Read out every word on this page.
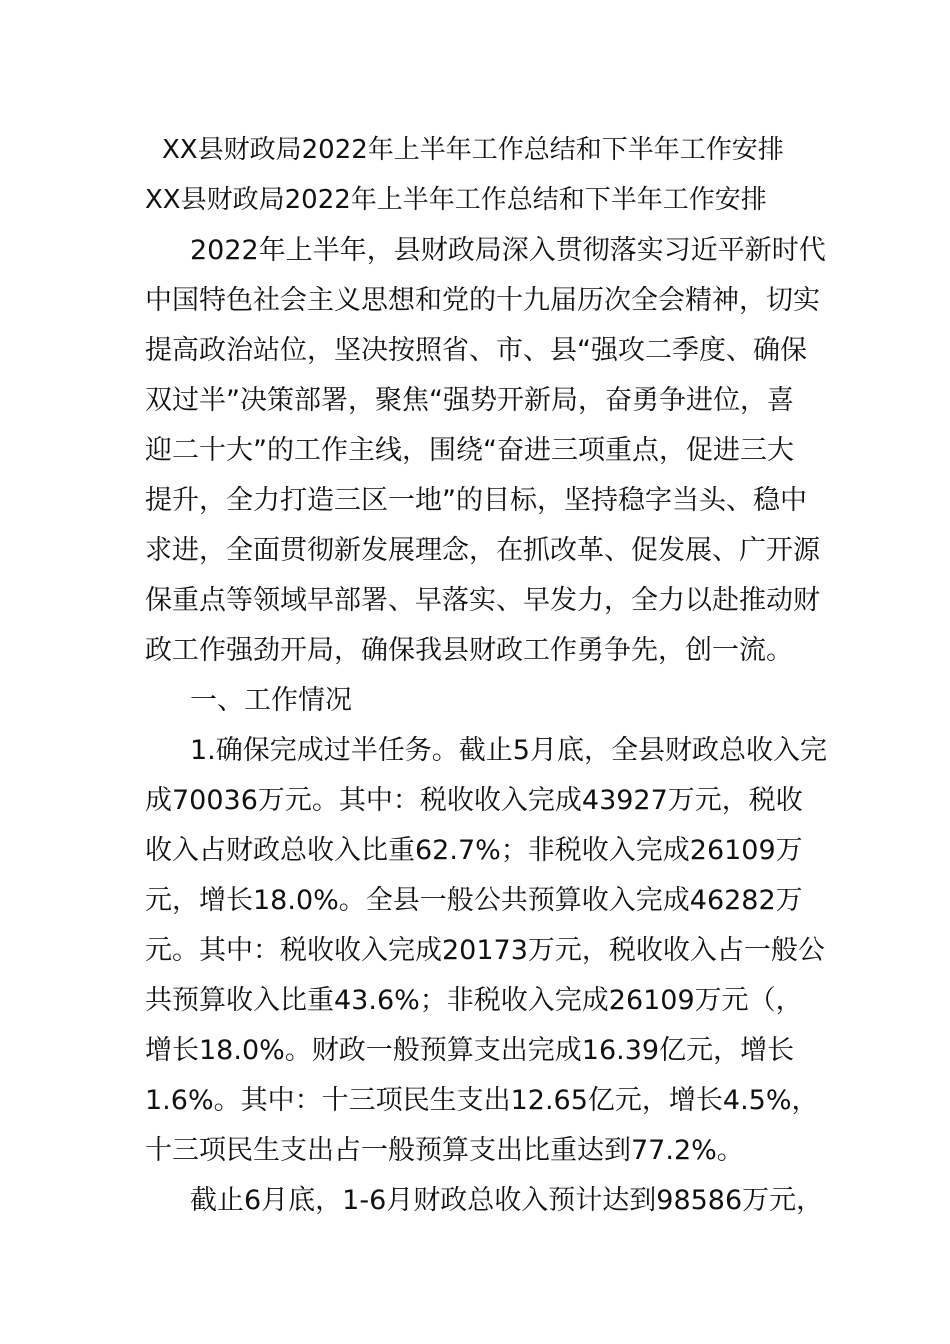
XX县财政局2022年上半年工作总结和下半年工作安排
XX县财政局2022年上半年工作总结和下半年工作安排
2022年上半年，县财政局深入贯彻落实习近平新时代
中国特色社会主义思想和党的十九届历次全会精神，切实
提高政治站位，坚决按照省、市、县“强攻二季度、确保
双过半”决策部署，聚焦“强势开新局，奋勇争进位，喜
迎二十大”的工作主线，围绕“奋进三项重点，促进三大
提升，全力打造三区一地”的目标，坚持稳字当头、稳中
求进，全面贯彻新发展理念，在抓改革、促发展、广开源
保重点等领域早部署、早落实、早发力，全力以赴推动财
政工作强劲开局，确保我县财政工作勇争先，创一流。
一、工作情况
1.确保完成过半任务。截止5月底，全县财政总收入完
成70036万元。其中：税收收入完成43927万元，税收
收入占财政总收入比重62.7%；非税收入完成26109万
元，增长18.0%。全县一般公共预算收入完成46282万
元。其中：税收收入完成20173万元，税收收入占一般公
共预算收入比重43.6%；非税收入完成26109万元（，
增长18.0%。财政一般预算支出完成16.39亿元，增长
1.6%。其中：十三项民生支出12.65亿元，增长4.5%，
十三项民生支出占一般预算支出比重达到77.2%。
截止6月底，1-6月财政总收入预计达到98586万元，
